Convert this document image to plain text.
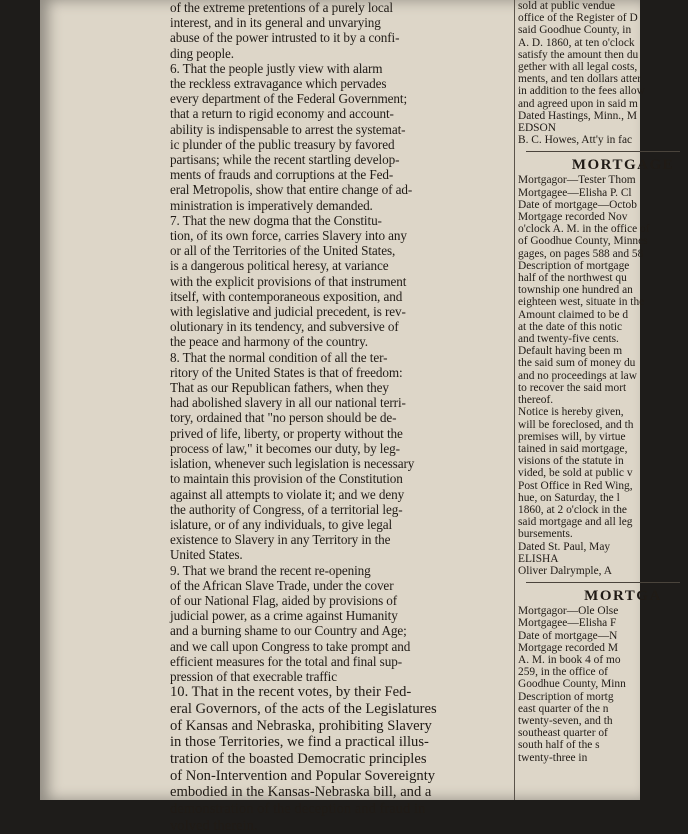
of the extreme pretentions of a purely local
interest, and in its general and unvarying
abuse of the power intrusted to it by a confi-
ding people.
6. That the people justly view with alarm
the reckless extravagance which pervades
every department of the Federal Government;
that a return to rigid economy and account-
ability is indispensable to arrest the systemat-
ic plunder of the public treasury by favored
partisans; while the recent startling develop-
ments of frauds and corruptions at the Fed-
eral Metropolis, show that entire change of ad-
ministration is imperatively demanded.
7. That the new dogma that the Constitu-
tion, of its own force, carries Slavery into any
or all of the Territories of the United States,
is a dangerous political heresy, at variance
with the explicit provisions of that instrument
itself, with contemporaneous exposition, and
with legislative and judicial precedent, is rev-
olutionary in its tendency, and subversive of
the peace and harmony of the country.
8. That the normal condition of all the ter-
ritory of the United States is that of freedom:
That as our Republican fathers, when they
had abolished slavery in all our national terri-
tory, ordained that "no person should be de-
prived of life, liberty, or property without the
process of law," it becomes our duty, by leg-
islation, whenever such legislation is necessary
to maintain this provision of the Constitution
against all attempts to violate it; and we deny
the authority of Congress, of a territorial leg-
islature, or of any individuals, to give legal
existence to Slavery in any Territory in the
United States.
9. That we brand the recent re-opening
of the African Slave Trade, under the cover
of our National Flag, aided by provisions of
judicial power, as a crime against Humanity
and a burning shame to our Country and Age;
and we call upon Congress to take prompt and
efficient measures for the total and final sup-
pression of that execrable traffic
10. That in the recent votes, by their Fed-
eral Governors, of the acts of the Legislatures
of Kansas and Nebraska, prohibiting Slavery
in those Territories, we find a practical illus-
tration of the boasted Democratic principles
of Non-Intervention and Popular Sovereignty
embodied in the Kansas-Nebraska bill, and a
demonstration of the deception and fraud in
volved therein.
sold at public vendue
office of the Register of D
said Goodhue County, in
A. D. 1860, at ten o'clock
satisfy the amount then du
gether with all legal costs,
ments, and ten dollars atter
in addition to the fees allow
and agreed upon in said m
Dated Hastings, Minn., M
EDSON
B. C. Howes, Att'y in fac
MORTGAGE
Mortgagor—Tester Thom
Mortgagee—Elisha P. Cl
Date of mortgage—Octob
Mortgage recorded Nov
o'clock A. M. in the office of
of Goodhue County, Minnes
gages, on pages 588 and 58
Description of mortgage
half of the northwest qu
township one hundred an
eighteen west, situate in the
Amount claimed to be d
at the date of this notic
and twenty-five cents.
Default having been m
the said sum of money du
and no proceedings at law
to recover the said mort
thereof.
Notice is hereby given,
will be foreclosed, and th
premises will, by virtue
tained in said mortgage,
visions of the statute in
vided, be sold at public v
Post Office in Red Wing,
hue, on Saturday, the l
1860, at 2 o'clock in the
said mortgage and all leg
bursements.
Dated St. Paul, May
ELISHA
Oliver Dalrymple, A
MORTGA
Mortgagor—Ole Olse
Mortgagee—Elisha F
Date of mortgage—N
Mortgage recorded M
A. M. in book 4 of mo
259, in the office of
Goodhue County, Minn
Description of mortg
east quarter of the n
twenty-seven, and th
southeast quarter of
south half of the s
twenty-three in
